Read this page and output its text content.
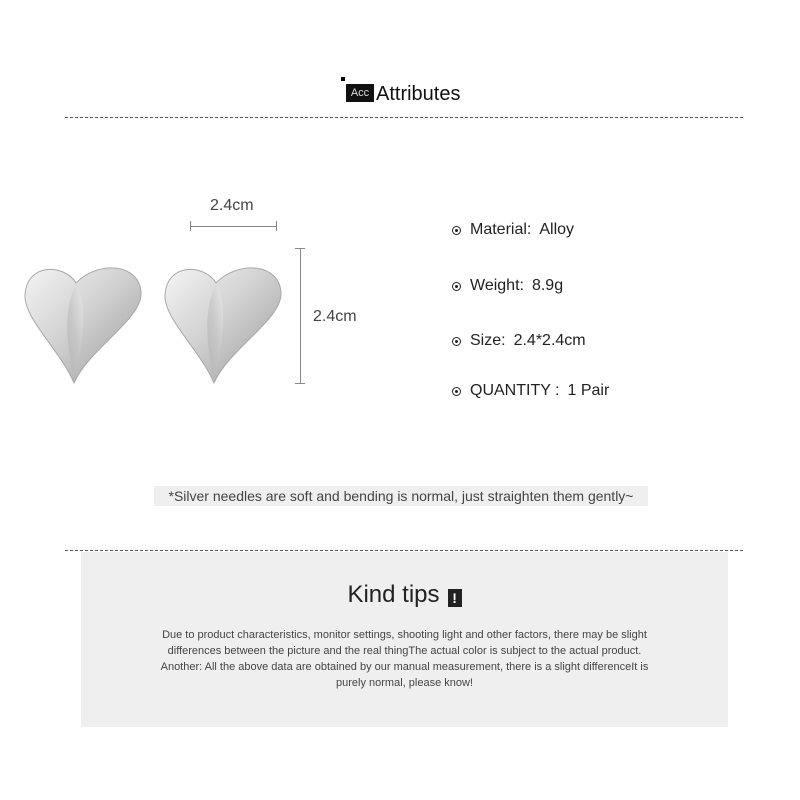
Acc Attributes
2.4cm
2.4cm
Material: Alloy
Weight: 8.9g
Size: 2.4*2.4cm
QUANTITY : 1 Pair
*Silver needles are soft and bending is normal, just straighten them gently~
Kind tips !
Due to product characteristics, monitor settings, shooting light and other factors, there may be slight
differences between the picture and the real thingThe actual color is subject to the actual product.
Another: All the above data are obtained by our manual measurement, there is a slight differenceIt is
purely normal, please know!
